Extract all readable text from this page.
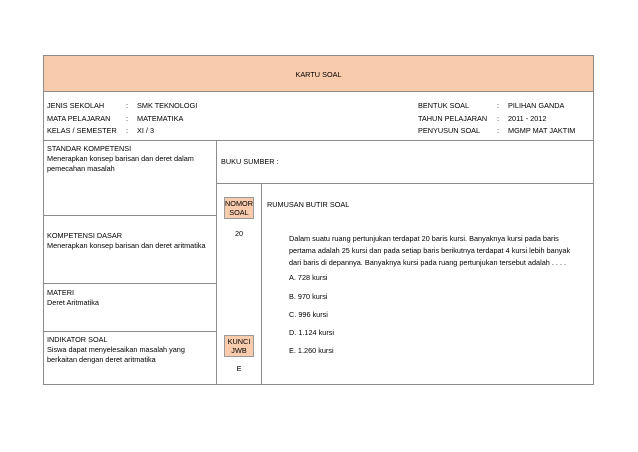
KARTU SOAL
JENIS SEKOLAH	: SMK TEKNOLOGI
MATA PELAJARAN : MATEMATIKA
KELAS / SEMESTER : XI / 3
BENTUK SOAL	: PILIHAN GANDA
TAHUN PELAJARAN : 2011 - 2012
PENYUSUN SOAL : MGMP MAT JAKTIM
STANDAR KOMPETENSI
Menerapkan konsep barisan dan deret dalam pemecahan masalah
BUKU SUMBER :
NOMOR
SOAL
20
RUMUSAN BUTIR SOAL
KOMPETENSI DASAR
Menerapkan konsep barisan dan deret aritmatika
MATERI
Deret Aritmatika
INDIKATOR SOAL
Siswa dapat menyelesaikan masalah yang
berkaitan dengan deret aritmatika
KUNCI
JWB
E
Dalam suatu ruang pertunjukan terdapat 20 baris kursi. Banyaknya kursi pada baris
pertama adalah 25 kursi dan pada setiap baris berikutnya terdapat 4 kursi lebih banyak
dari baris di depannya. Banyaknya kursi pada ruang pertunjukan tersebut adalah . . . .
A. 728 kursi
B. 970 kursi
C. 996 kursi
D. 1.124 kursi
E. 1.260 kursi
